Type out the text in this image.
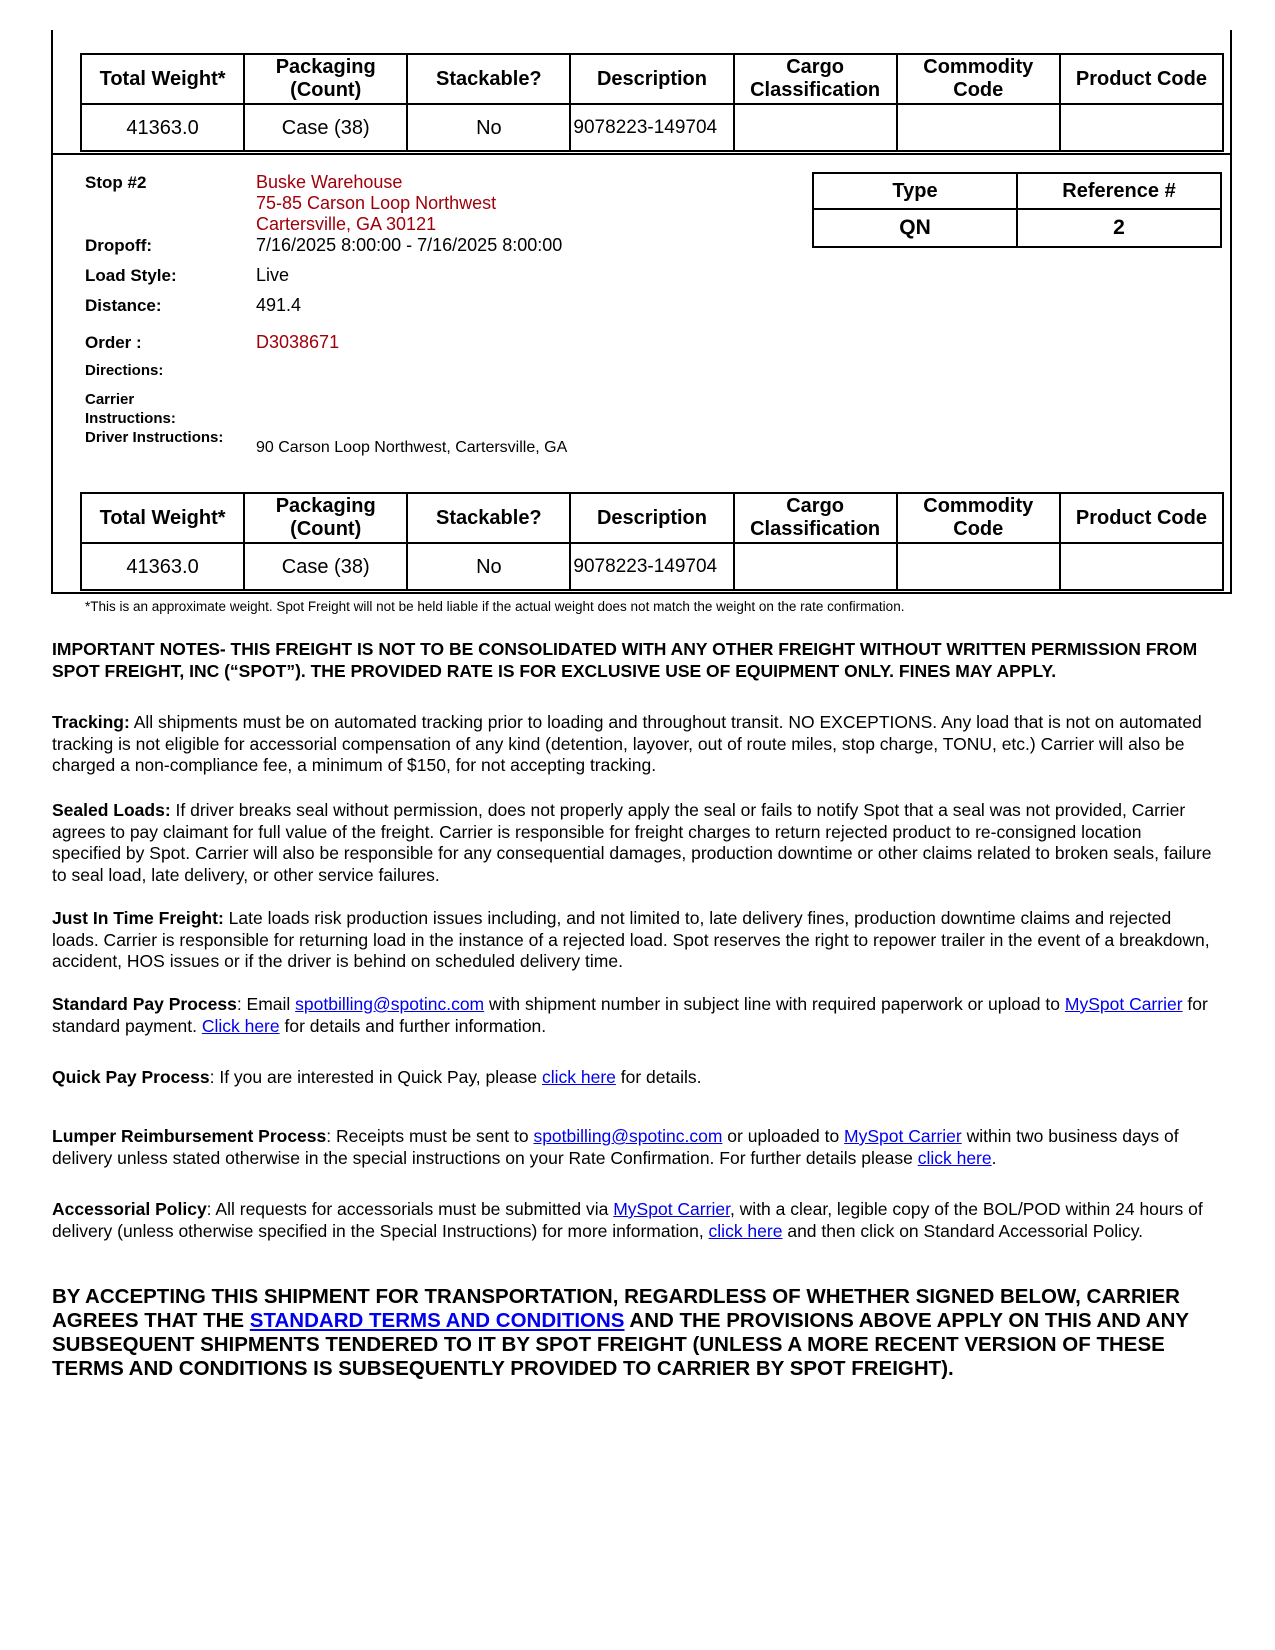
Total Weight*	Packaging (Count)	Stackable?	Description	Cargo Classification	Commodity Code	Product Code
41363.0	Case (38)	No	9078223-149704			
Stop #2	Buske Warehouse
75-85 Carson Loop Northwest
Cartersville, GA 30121
Dropoff:	7/16/2025 8:00:00 - 7/16/2025 8:00:00
Load Style:	Live
Distance:	491.4
Order :	D3038671
Directions:
Carrier
Instructions:
Driver Instructions:
90 Carson Loop Northwest, Cartersville, GA
Type	Reference #
QN	2
Total Weight*	Packaging (Count)	Stackable?	Description	Cargo Classification	Commodity Code	Product Code
41363.0	Case (38)	No	9078223-149704			
*This is an approximate weight. Spot Freight will not be held liable if the actual weight does not match the weight on the rate confirmation.
IMPORTANT NOTES- THIS FREIGHT IS NOT TO BE CONSOLIDATED WITH ANY OTHER FREIGHT WITHOUT WRITTEN PERMISSION FROM SPOT FREIGHT, INC (“SPOT”). THE PROVIDED RATE IS FOR EXCLUSIVE USE OF EQUIPMENT ONLY. FINES MAY APPLY.
Tracking: All shipments must be on automated tracking prior to loading and throughout transit. NO EXCEPTIONS. Any load that is not on automated tracking is not eligible for accessorial compensation of any kind (detention, layover, out of route miles, stop charge, TONU, etc.) Carrier will also be charged a non-compliance fee, a minimum of $150, for not accepting tracking.
Sealed Loads: If driver breaks seal without permission, does not properly apply the seal or fails to notify Spot that a seal was not provided, Carrier agrees to pay claimant for full value of the freight. Carrier is responsible for freight charges to return rejected product to re-consigned location specified by Spot. Carrier will also be responsible for any consequential damages, production downtime or other claims related to broken seals, failure to seal load, late delivery, or other service failures.
Just In Time Freight: Late loads risk production issues including, and not limited to, late delivery fines, production downtime claims and rejected loads. Carrier is responsible for returning load in the instance of a rejected load. Spot reserves the right to repower trailer in the event of a breakdown, accident, HOS issues or if the driver is behind on scheduled delivery time.
Standard Pay Process: Email spotbilling@spotinc.com with shipment number in subject line with required paperwork or upload to MySpot Carrier for standard payment. Click here for details and further information.
Quick Pay Process: If you are interested in Quick Pay, please click here for details.
Lumper Reimbursement Process: Receipts must be sent to spotbilling@spotinc.com or uploaded to MySpot Carrier within two business days of delivery unless stated otherwise in the special instructions on your Rate Confirmation. For further details please click here.
Accessorial Policy: All requests for accessorials must be submitted via MySpot Carrier, with a clear, legible copy of the BOL/POD within 24 hours of delivery (unless otherwise specified in the Special Instructions) for more information, click here and then click on Standard Accessorial Policy.
BY ACCEPTING THIS SHIPMENT FOR TRANSPORTATION, REGARDLESS OF WHETHER SIGNED BELOW, CARRIER AGREES THAT THE STANDARD TERMS AND CONDITIONS AND THE PROVISIONS ABOVE APPLY ON THIS AND ANY SUBSEQUENT SHIPMENTS TENDERED TO IT BY SPOT FREIGHT (UNLESS A MORE RECENT VERSION OF THESE TERMS AND CONDITIONS IS SUBSEQUENTLY PROVIDED TO CARRIER BY SPOT FREIGHT).
